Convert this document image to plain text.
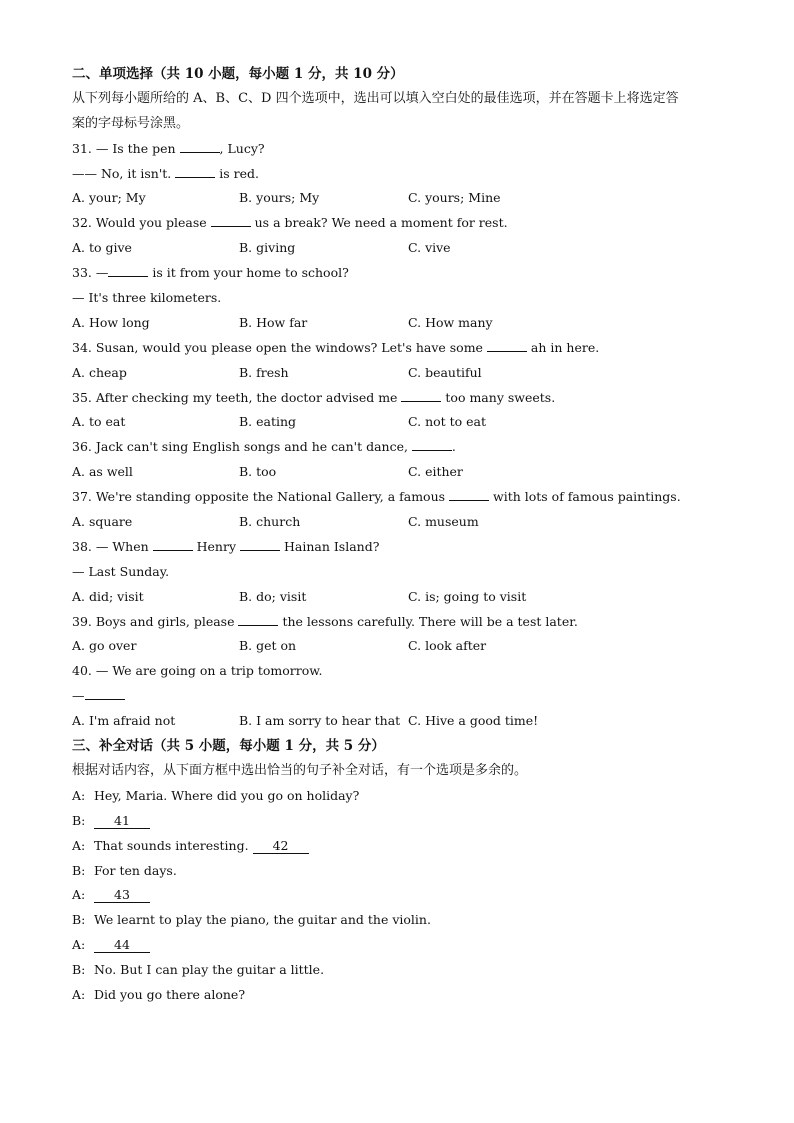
二、单项选择（共 10 小题，每小题 1 分，共 10 分）
从下列每小题所给的 A、B、C、D 四个选项中，选出可以填入空白处的最佳选项，并在答题卡上将选定答
案的字母标号涂黑。
31. — Is the pen	, Lucy?
—— No, it isn't.	is red.
A. your; My	B. yours; My	C. yours; Mine
32. Would you please	us a break? We need a moment for rest.
A. to give	B. giving	C. vive
33. —	is it from your home to school?
— It's three kilometers.
A. How long	B. How far	C. How many
34. Susan, would you please open the windows? Let's have some	ah in here.
A. cheap	B. fresh	C. beautiful
35. After checking my teeth, the doctor advised me	too many sweets.
A. to eat	B. eating	C. not to eat
36. Jack can't sing English songs and he can't dance,	.
A. as well	B. too	C. either
37. We're standing opposite the National Gallery, a famous	with lots of famous paintings.
A. square	B. church	C. museum
38. — When	Henry	Hainan Island?
— Last Sunday.
A. did; visit	B. do; visit	C. is; going to visit
39. Boys and girls, please	the lessons carefully. There will be a test later.
A. go over	B. get on	C. look after
40. — We are going on a trip tomorrow.
—
A. I'm afraid not	B. I am sorry to hear that C. Hive a good time!
三、补全对话（共 5 小题，每小题 1 分，共 5 分）
根据对话内容，从下面方框中选出恰当的句子补全对话，有一个选项是多余的。
A: Hey, Maria. Where did you go on holiday?
B: 41
A: That sounds interesting. 42
B: For ten days.
A: 43
B: We learnt to play the piano, the guitar and the violin.
A: 44
B: No. But I can play the guitar a little.
A: Did you go there alone?
